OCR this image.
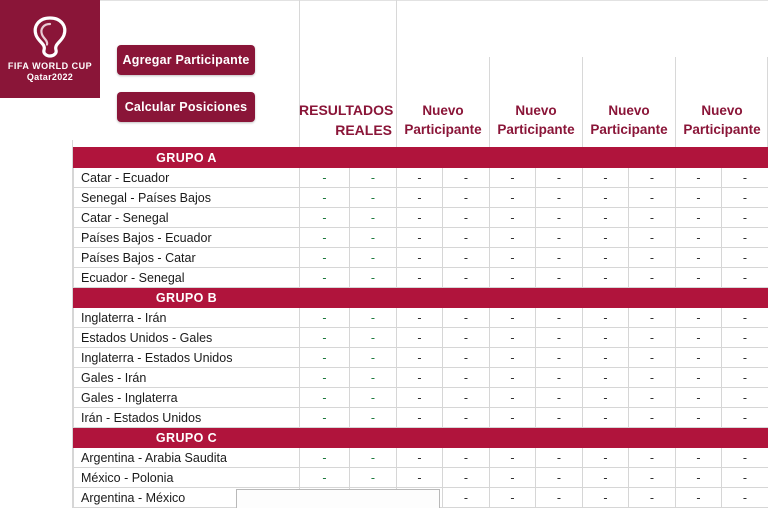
FIFA WORLD CUP
Qatar2022
Agregar Participante
Calcular Posiciones	RESULTADOS
REALES
Nuevo
Participante
Nuevo
Participante
Nuevo
Participante
Nuevo
Participante
GRUPO A										
Catar - Ecuador	-	-	-	-	-	-	-	-	-	-
Senegal - Países Bajos	-	-	-	-	-	-	-	-	-	-
Catar - Senegal	-	-	-	-	-	-	-	-	-	-
Países Bajos - Ecuador	-	-	-	-	-	-	-	-	-	-
Países Bajos - Catar	-	-	-	-	-	-	-	-	-	-
Ecuador - Senegal	-	-	-	-	-	-	-	-	-	-
GRUPO B										
Inglaterra - Irán	-	-	-	-	-	-	-	-	-	-
Estados Unidos - Gales	-	-	-	-	-	-	-	-	-	-
Inglaterra - Estados Unidos	-	-	-	-	-	-	-	-	-	-
Gales - Irán	-	-	-	-	-	-	-	-	-	-
Gales - Inglaterra	-	-	-	-	-	-	-	-	-	-
Irán - Estados Unidos	-	-	-	-	-	-	-	-	-	-
GRUPO C										
Argentina - Arabia Saudita	-	-	-	-	-	-	-	-	-	-
México - Polonia	-	-	-	-	-	-	-	-	-	-
Argentina - México				-	-	-	-	-	-	-
